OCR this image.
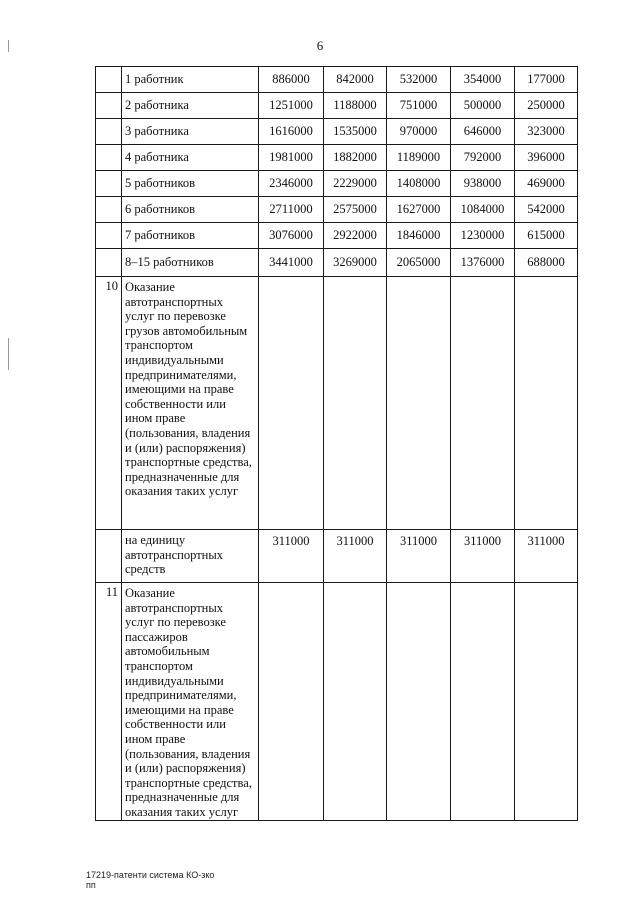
6
	1 работник	886000	842000	532000	354000	177000
	2 работника	1251000	1188000	751000	500000	250000
	3 работника	1616000	1535000	970000	646000	323000
	4 работника	1981000	1882000	1189000	792000	396000
	5 работников	2346000	2229000	1408000	938000	469000
	6 работников	2711000	2575000	1627000	1084000	542000
	7 работников	3076000	2922000	1846000	1230000	615000
	8–15 работников	3441000	3269000	2065000	1376000	688000
10	Оказание автотранспортных услуг по перевозке грузов автомобильным транспортом индивидуальными предпринимателями, имеющими на праве собственности или ином праве (пользования, владения и (или) распоряжения) транспортные средства, предназначенные для оказания таких услуг					
	на единицу автотранспортных средств	311000	311000	311000	311000	311000
11	Оказание автотранспортных услуг по перевозке пассажиров автомобильным транспортом индивидуальными предпринимателями, имеющими на праве собственности или ином праве (пользования, владения и (или) распоряжения) транспортные средства, предназначенные для оказания таких услуг					
17219-патенти система КО-зко
пп
